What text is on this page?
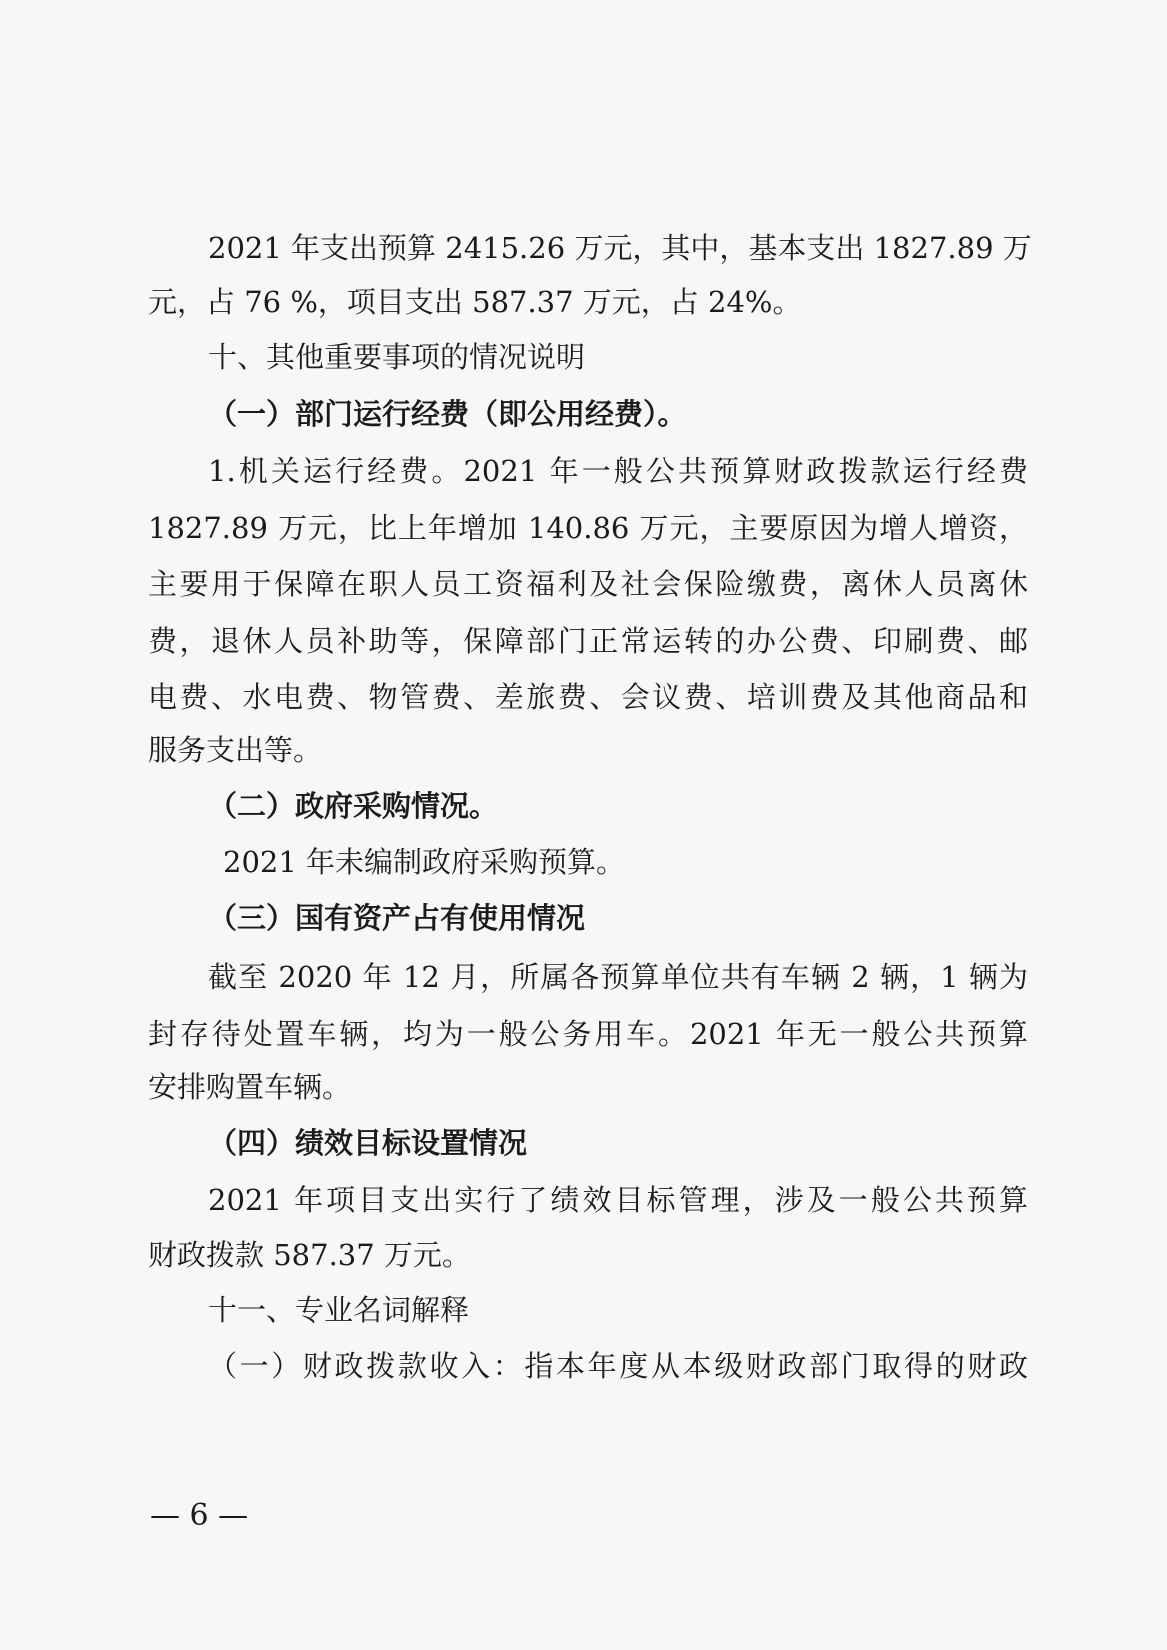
2021 年支出预算 2415.26 万元，其中，基本支出 1827.89 万
元，占 76 %，项目支出 587.37 万元，占 24%。
十、其他重要事项的情况说明
（一）部门运行经费（即公用经费）。
1.机关运行经费。2021 年一般公共预算财政拨款运行经费
1827.89 万元，比上年增加 140.86 万元，主要原因为增人增资，
主要用于保障在职人员工资福利及社会保险缴费，离休人员离休
费，退休人员补助等，保障部门正常运转的办公费、印刷费、邮
电费、水电费、物管费、差旅费、会议费、培训费及其他商品和
服务支出等。
（二）政府采购情况。
2021 年未编制政府采购预算。
（三）国有资产占有使用情况
截至 2020 年 12 月，所属各预算单位共有车辆 2 辆，1 辆为
封存待处置车辆，均为一般公务用车。2021 年无一般公共预算
安排购置车辆。
（四）绩效目标设置情况
2021 年项目支出实行了绩效目标管理，涉及一般公共预算
财政拨款 587.37 万元。
十一、专业名词解释
（一）财政拨款收入：指本年度从本级财政部门取得的财政
— 6 —
